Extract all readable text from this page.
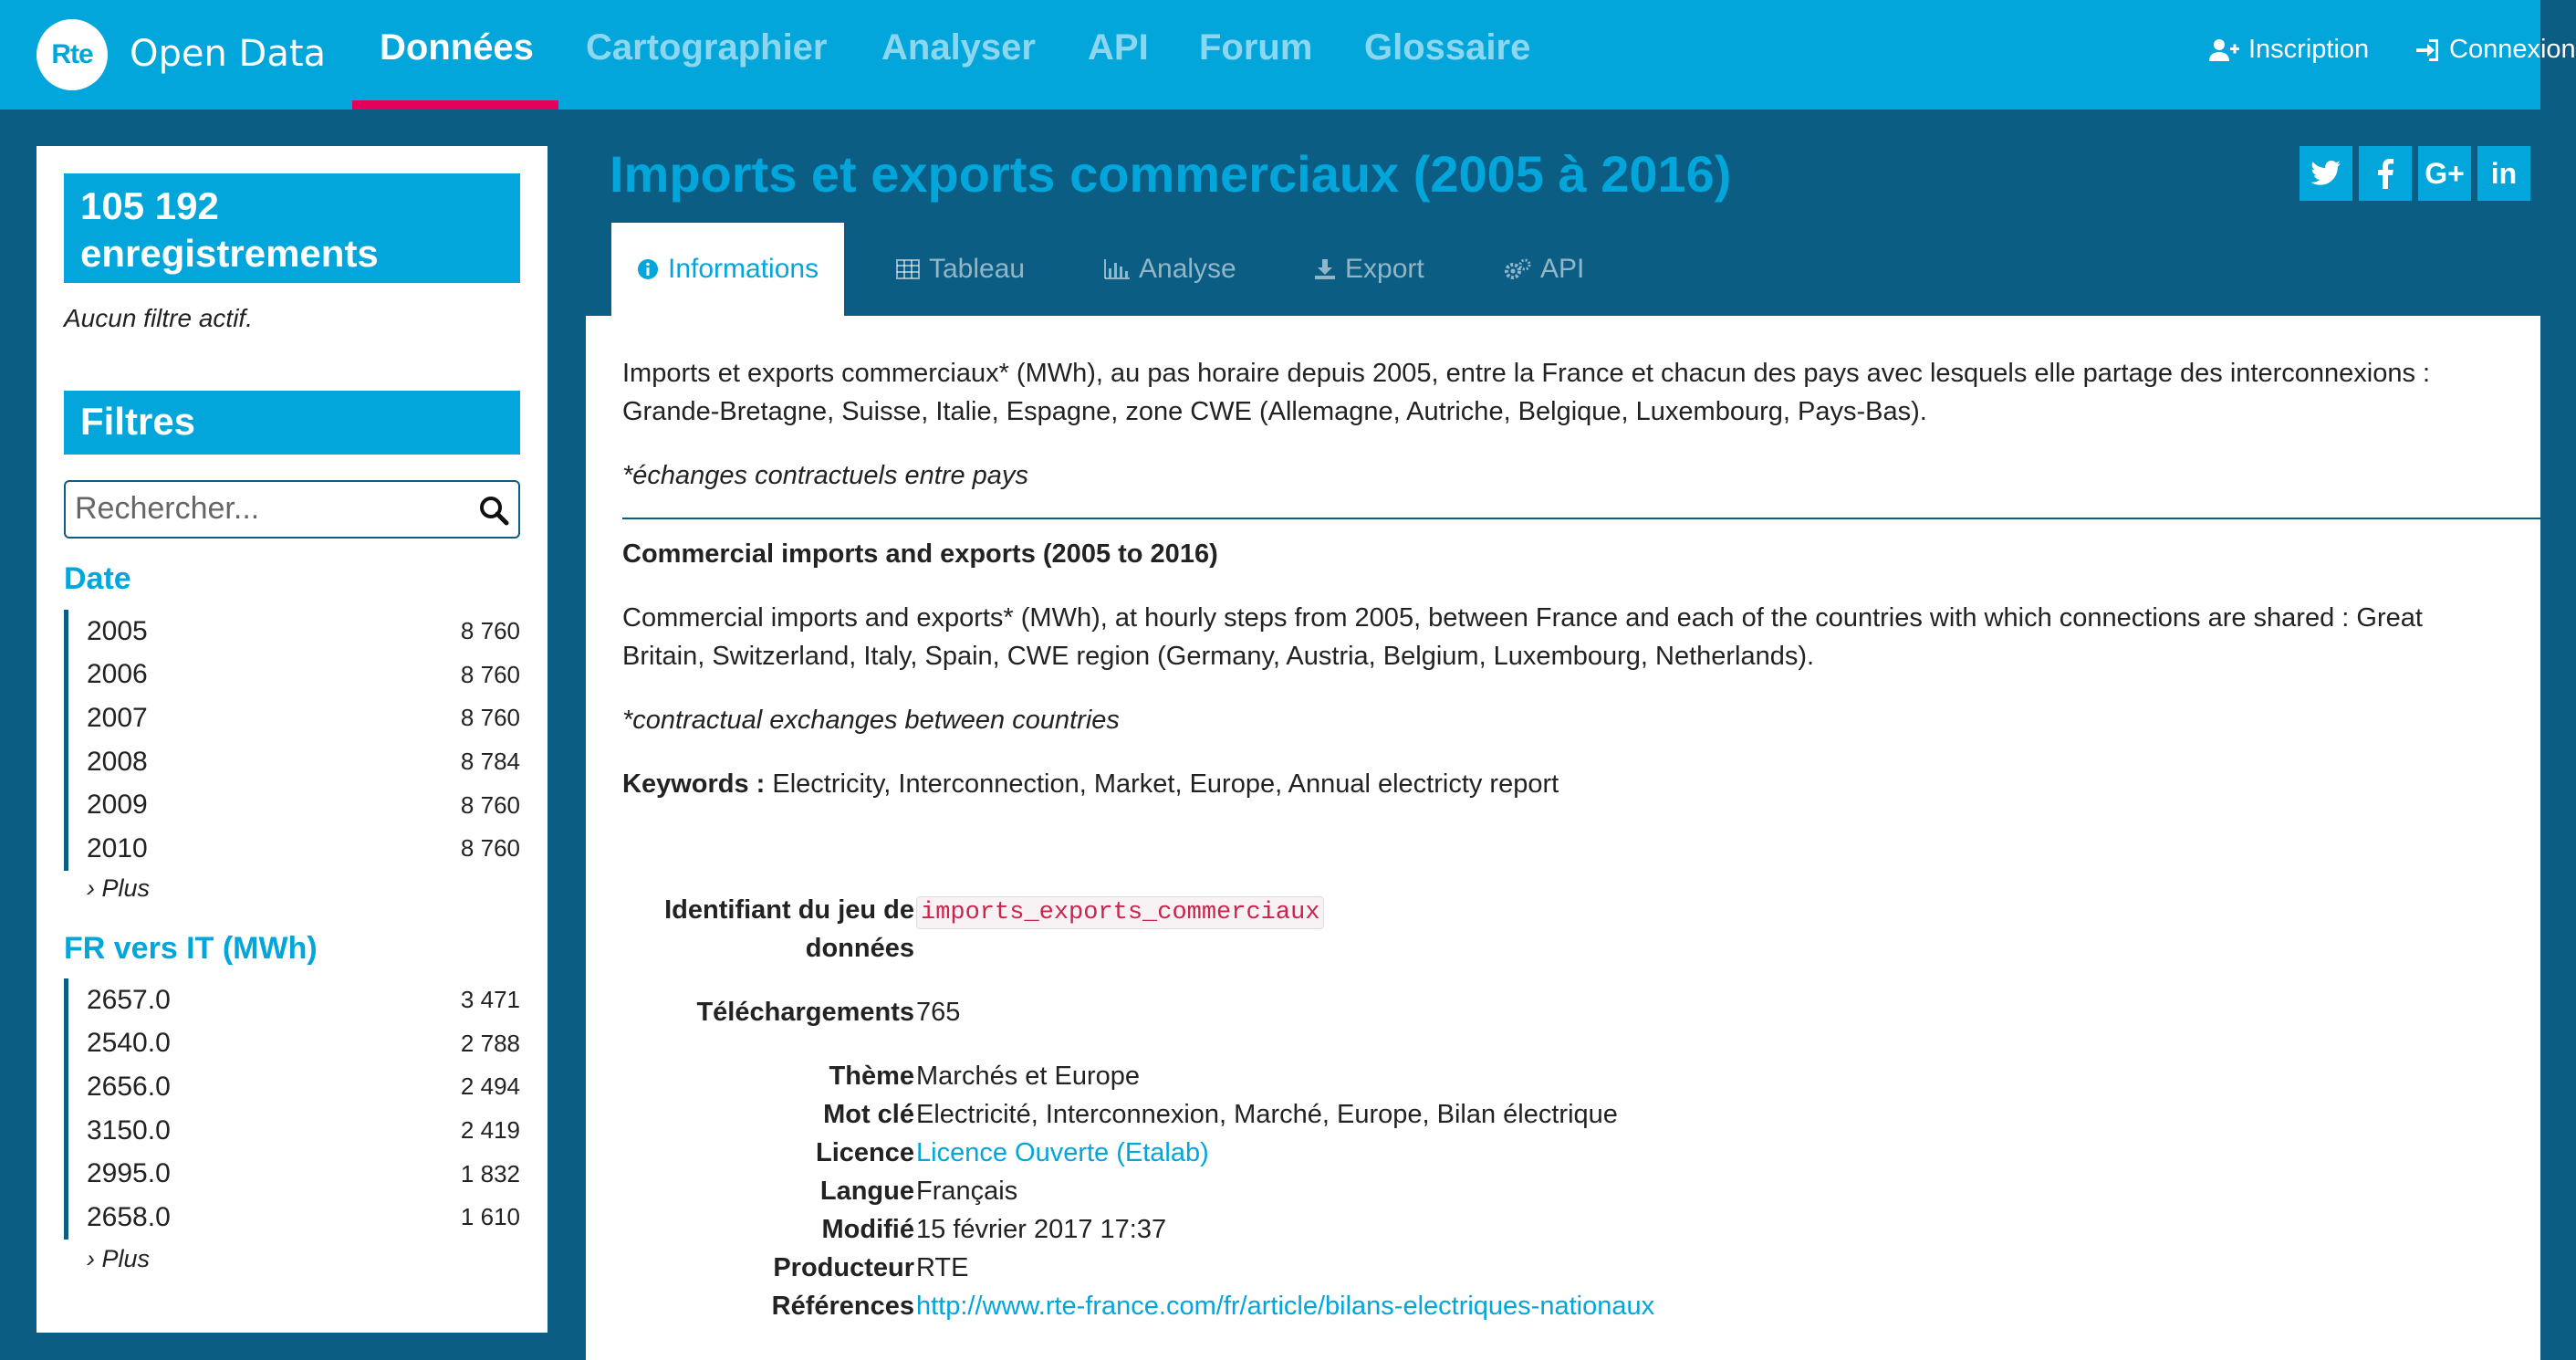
Rte Open Data Données Cartographier Analyser API Forum Glossaire	Inscription	Connexion
105 192 enregistrements
Aucun filtre actif.
Filtres
Rechercher...
Date
2005	8 760
2006	8 760
2007	8 760
2008	8 784
2009	8 760
2010	8 760
› Plus
FR vers IT (MWh)
2657.0	3 471
2540.0	2 788
2656.0	2 494
3150.0	2 419
2995.0	1 832
2658.0	1 610
› Plus
Imports et exports commerciaux (2005 à 2016)	G+ in
Informations	Tableau	Analyse	Export	API
Imports et exports commerciaux* (MWh), au pas horaire depuis 2005, entre la France et chacun des pays avec lesquels elle partage des interconnexions :
Grande-Bretagne, Suisse, Italie, Espagne, zone CWE (Allemagne, Autriche, Belgique, Luxembourg, Pays-Bas).
*échanges contractuels entre pays
Commercial imports and exports (2005 to 2016)
Commercial imports and exports* (MWh), at hourly steps from 2005, between France and each of the countries with which connections are shared : Great
Britain, Switzerland, Italy, Spain, CWE region (Germany, Austria, Belgium, Luxembourg, Netherlands).
*contractual exchanges between countries
Keywords : Electricity, Interconnection, Market, Europe, Annual electricty report
Identifiant du jeu de
données
imports_exports_commerciaux
Téléchargements 765
Thème Marchés et Europe
Mot clé Electricité, Interconnexion, Marché, Europe, Bilan électrique
Licence Licence Ouverte (Etalab)
Langue Français
Modifié 15 février 2017 17:37
Producteur RTE
Références http://www.rte-france.com/fr/article/bilans-electriques-nationaux
